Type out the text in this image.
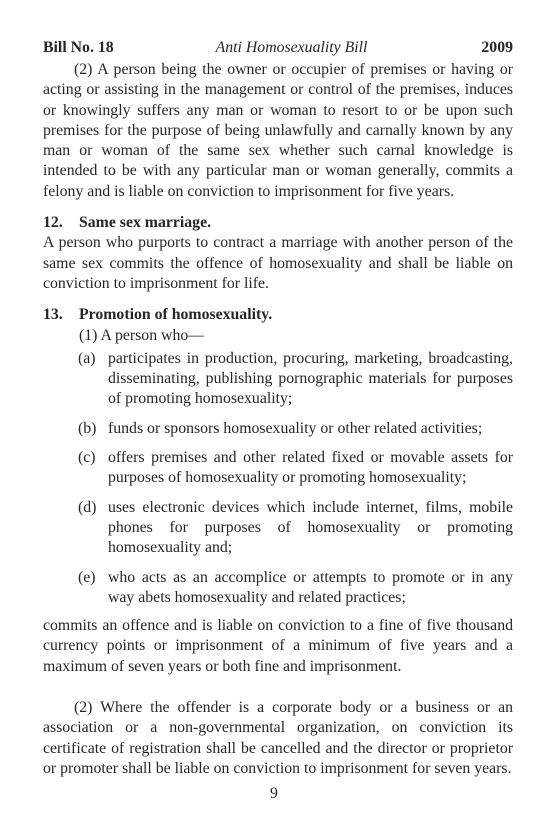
Bill No. 18	Anti Homosexuality Bill	2009

(2) A person being the owner or occupier of premises or having or acting or assisting in the management or control of the premises, induces or knowingly suffers any man or woman to resort to or be upon such premises for the purpose of being unlawfully and carnally known by any man or woman of the same sex whether such carnal knowledge is intended to be with any particular man or woman generally, commits a felony and is liable on conviction to imprisonment for five years.

12. Same sex marriage.

A person who purports to contract a marriage with another person of the same sex commits the offence of homosexuality and shall be liable on conviction to imprisonment for life.

13. Promotion of homosexuality.
(1) A person who—
(a) participates in production, procuring, marketing, broadcasting, disseminating, publishing pornographic materials for purposes of promoting homosexuality;
(b) funds or sponsors homosexuality or other related activities;
(c) offers premises and other related fixed or movable assets for purposes of homosexuality or promoting homosexuality;
(d) uses electronic devices which include internet, films, mobile phones for purposes of homosexuality or promoting homosexuality and;
(e) who acts as an accomplice or attempts to promote or in any way abets homosexuality and related practices;

commits an offence and is liable on conviction to a fine of five thousand currency points or imprisonment of a minimum of five years and a maximum of seven years or both fine and imprisonment.

(2) Where the offender is a corporate body or a business or an association or a non-governmental organization, on conviction its certificate of registration shall be cancelled and the director or proprietor or promoter shall be liable on conviction to imprisonment for seven years.

9
